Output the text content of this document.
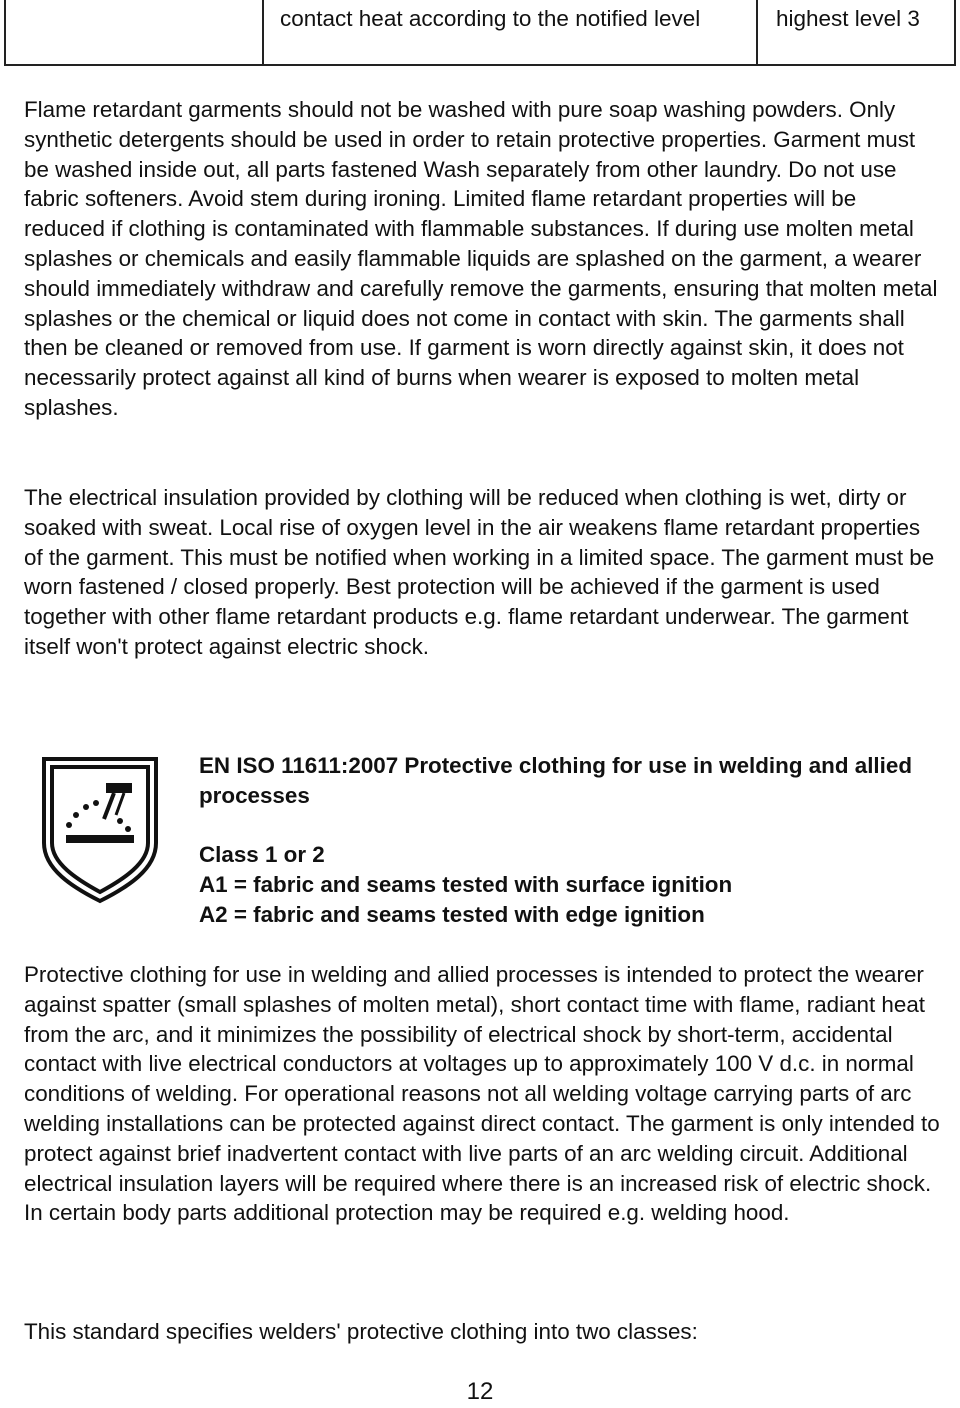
	contact heat according to the notified level	highest level 3

Flame retardant garments should not be washed with pure soap washing powders. Only synthetic detergents should be used in order to retain protective properties. Garment must be washed inside out, all parts fastened Wash separately from other laundry. Do not use fabric softeners. Avoid stem during ironing. Limited flame retardant properties will be reduced if clothing is contaminated with flammable substances. If during use molten metal splashes or chemicals and easily flammable liquids are splashed on the garment, a wearer should immediately withdraw and carefully remove the garments, ensuring that molten metal splashes or the chemical or liquid does not come in contact with skin. The garments shall then be cleaned or removed from use. If garment is worn directly against skin, it does not necessarily protect against all kind of burns when wearer is exposed to molten metal splashes.

The electrical insulation provided by clothing will be reduced when clothing is wet, dirty or soaked with sweat. Local rise of oxygen level in the air weakens flame retardant properties of the garment. This must be notified when working in a limited space. The garment must be worn fastened / closed properly. Best protection will be achieved if the garment is used together with other flame retardant products e.g. flame retardant underwear. The garment itself won't protect against electric shock.

EN ISO 11611:2007 Protective clothing for use in welding and allied processes

Class 1 or 2

A1 = fabric and seams tested with surface ignition

A2 = fabric and seams tested with edge ignition

Protective clothing for use in welding and allied processes is intended to protect the wearer against spatter (small splashes of molten metal), short contact time with flame, radiant heat from the arc, and it minimizes the possibility of electrical shock by short-term, accidental contact with live electrical conductors at voltages up to approximately 100 V d.c. in normal conditions of welding. For operational reasons not all welding voltage carrying parts of arc welding installations can be protected against direct contact. The garment is only intended to protect against brief inadvertent contact with live parts of an arc welding circuit. Additional electrical insulation layers will be required where there is an increased risk of electric shock. In certain body parts additional protection may be required e.g. welding hood.

This standard specifies welders' protective clothing into two classes:

12
